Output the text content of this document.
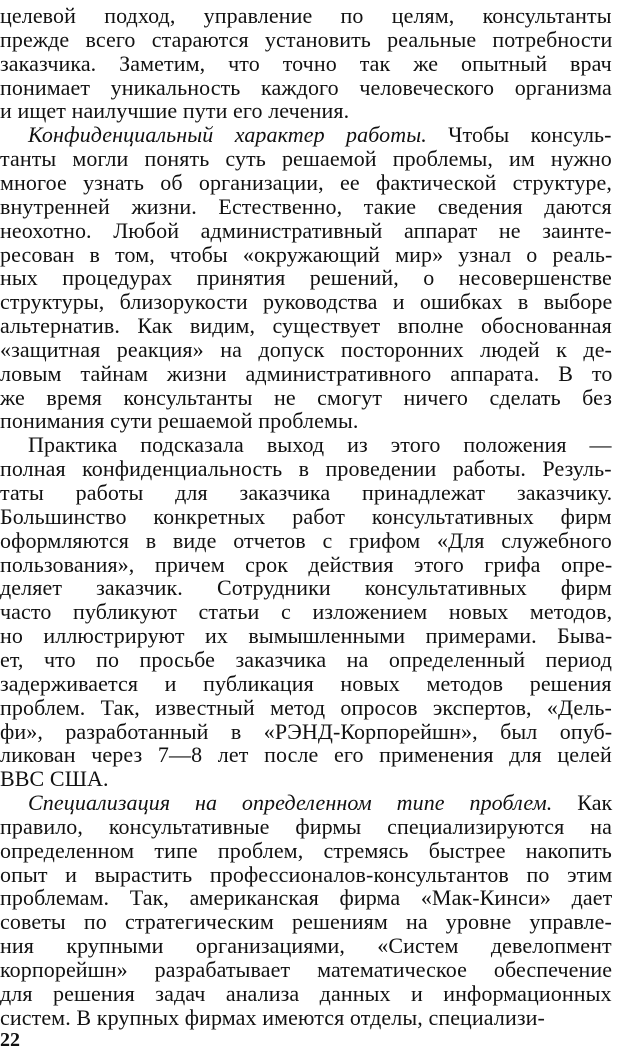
целевой подход, управление по целям, консультанты
прежде всего стараются установить реальные потребности
заказчика. Заметим, что точно так же опытный врач
понимает уникальность каждого человеческого организма
и ищет наилучшие пути его лечения.
Конфиденциальный характер работы. Чтобы консуль-
танты могли понять суть решаемой проблемы, им нужно
многое узнать об организации, ее фактической структуре,
внутренней жизни. Естественно, такие сведения даются
неохотно. Любой административный аппарат не заинте-
ресован в том, чтобы «окружающий мир» узнал о реаль-
ных процедурах принятия решений, о несовершенстве
структуры, близорукости руководства и ошибках в выборе
альтернатив. Как видим, существует вполне обоснованная
«защитная реакция» на допуск посторонних людей к де-
ловым тайнам жизни административного аппарата. В то
же время консультанты не смогут ничего сделать без
понимания сути решаемой проблемы.
Практика подсказала выход из этого положения —
полная конфиденциальность в проведении работы. Резуль-
таты работы для заказчика принадлежат заказчику.
Большинство конкретных работ консультативных фирм
оформляются в виде отчетов с грифом «Для служебного
пользования», причем срок действия этого грифа опре-
деляет заказчик. Сотрудники консультативных фирм
часто публикуют статьи с изложением новых методов,
но иллюстрируют их вымышленными примерами. Быва-
ет, что по просьбе заказчика на определенный период
задерживается и публикация новых методов решения
проблем. Так, известный метод опросов экспертов, «Дель-
фи», разработанный в «РЭНД-Корпорейшн», был опуб-
ликован через 7—8 лет после его применения для целей
ВВС США.
Специализация на определенном типе проблем. Как
правило, консультативные фирмы специализируются на
определенном типе проблем, стремясь быстрее накопить
опыт и вырастить профессионалов-консультантов по этим
проблемам. Так, американская фирма «Мак-Кинси» дает
советы по стратегическим решениям на уровне управле-
ния крупными организациями, «Систем девелопмент
корпорейшн» разрабатывает математическое обеспечение
для решения задач анализа данных и информационных
систем. В крупных фирмах имеются отделы, специализи-
22
